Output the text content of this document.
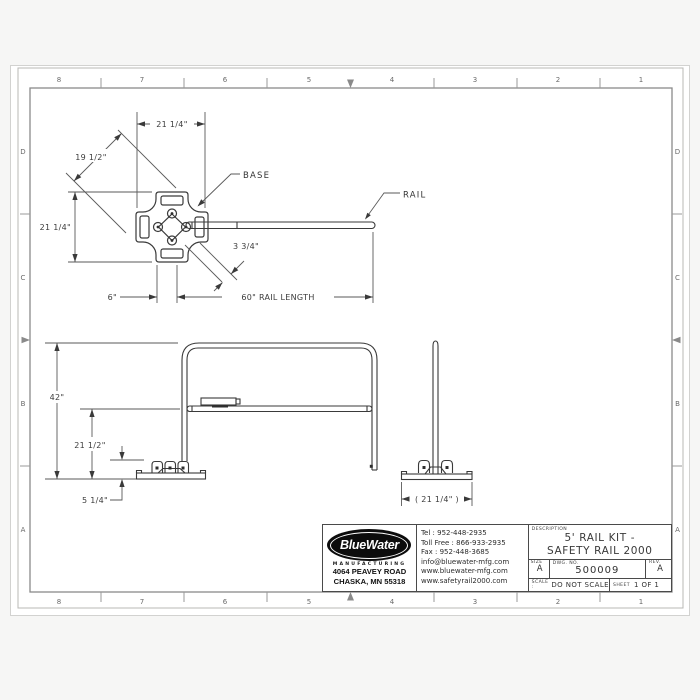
8	7	6	5	4	3	2	1
8	7	6	5	4	3	2	1
D
C
B
A
D
C
B
A
21 1/4"
19 1/2"
21 1/4"
3 3/4"
6"	60" RAIL LENGTH
BASE
RAIL
42"
21 1/2"
5 1/4"	( 21 1/4" )
BlueWater
MANUFACTURING
4064 PEAVEY ROAD
CHASKA, MN 55318
Tel : 952-448-2935
Toll Free : 866-933-2935
Fax : 952-448-3685
info@bluewater-mfg.com
www.bluewater-mfg.com
www.safetyrail2000.com
DESCRIPTION
5' RAIL KIT -
SAFETY RAIL 2000
SIZE
A
DWG. NO.
500009
REV.
A
SCALE :	DO NOT SCALE SHEET 1 OF 1
